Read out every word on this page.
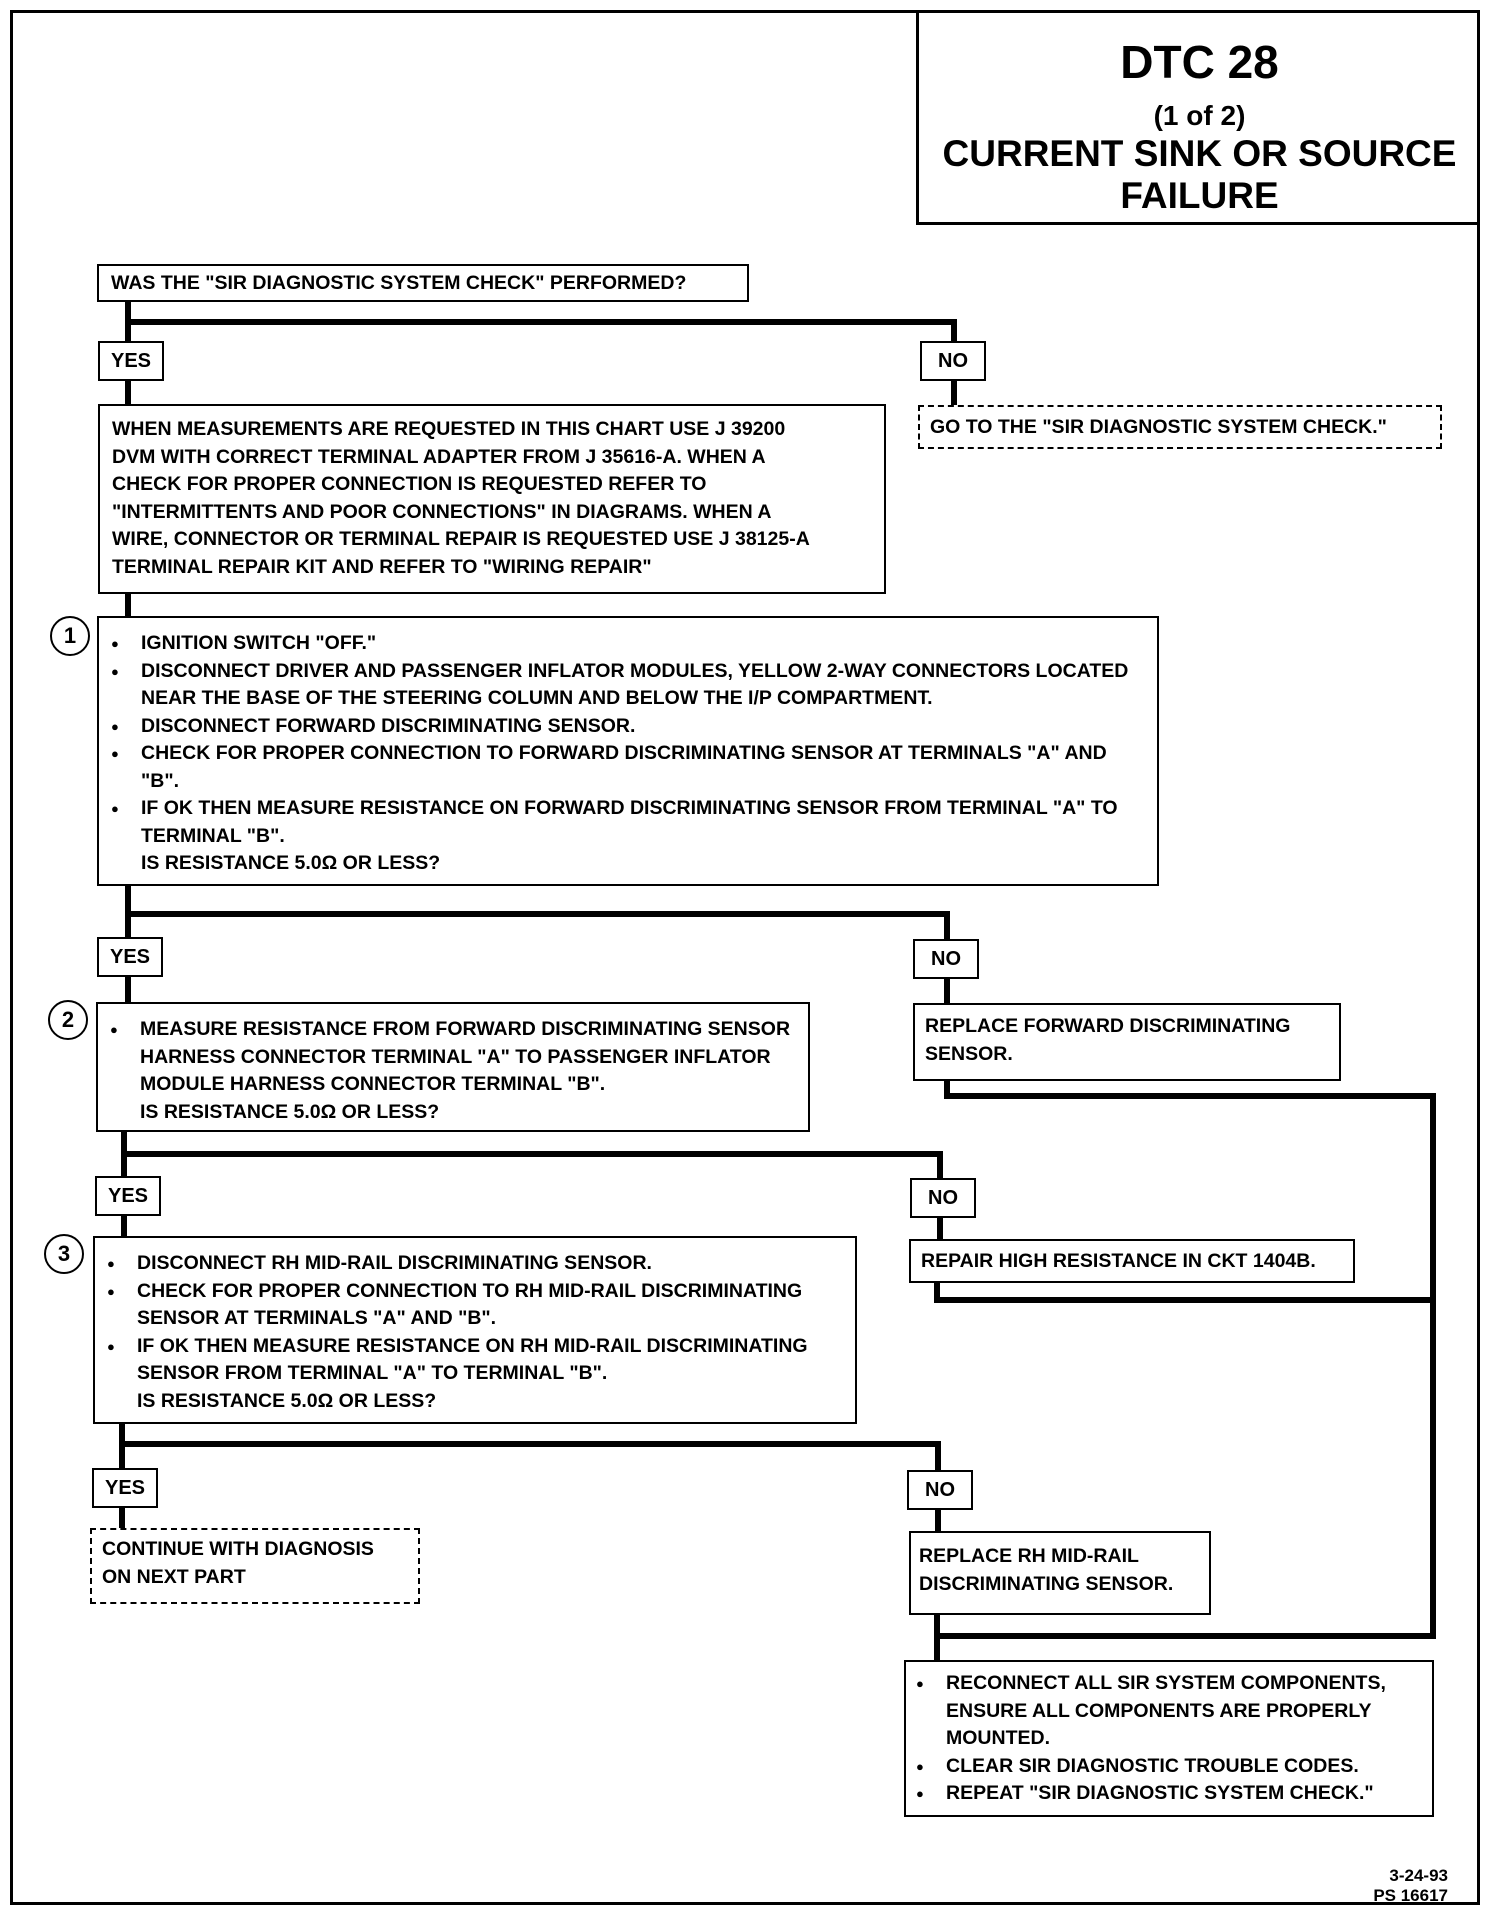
DTC 28
(1 of 2)
CURRENT SINK OR SOURCE
FAILURE
WAS THE "SIR DIAGNOSTIC SYSTEM CHECK" PERFORMED?
YES	NO
GO TO THE "SIR DIAGNOSTIC SYSTEM CHECK."
WHEN MEASUREMENTS ARE REQUESTED IN THIS CHART USE J 39200
DVM WITH CORRECT TERMINAL ADAPTER FROM J 35616-A. WHEN A
CHECK FOR PROPER CONNECTION IS REQUESTED REFER TO
"INTERMITTENTS AND POOR CONNECTIONS" IN DIAGRAMS. WHEN A
WIRE, CONNECTOR OR TERMINAL REPAIR IS REQUESTED USE J 38125-A
TERMINAL REPAIR KIT AND REFER TO "WIRING REPAIR"
1	● IGNITION SWITCH "OFF."
● DISCONNECT DRIVER AND PASSENGER INFLATOR MODULES, YELLOW 2-WAY CONNECTORS LOCATED NEAR THE BASE OF THE STEERING COLUMN AND BELOW THE I/P COMPARTMENT.
● DISCONNECT FORWARD DISCRIMINATING SENSOR.
● CHECK FOR PROPER CONNECTION TO FORWARD DISCRIMINATING SENSOR AT TERMINALS "A" AND "B".
● IF OK THEN MEASURE RESISTANCE ON FORWARD DISCRIMINATING SENSOR FROM TERMINAL "A" TO TERMINAL "B".
IS RESISTANCE 5.0Ω OR LESS?
YES	NO
REPLACE FORWARD DISCRIMINATING SENSOR.
2	● MEASURE RESISTANCE FROM FORWARD DISCRIMINATING SENSOR HARNESS CONNECTOR TERMINAL "A" TO PASSENGER INFLATOR MODULE HARNESS CONNECTOR TERMINAL "B".
IS RESISTANCE 5.0Ω OR LESS?
YES	NO
REPAIR HIGH RESISTANCE IN CKT 1404B.
3	● DISCONNECT RH MID-RAIL DISCRIMINATING SENSOR.
● CHECK FOR PROPER CONNECTION TO RH MID-RAIL DISCRIMINATING SENSOR AT TERMINALS "A" AND "B".
● IF OK THEN MEASURE RESISTANCE ON RH MID-RAIL DISCRIMINATING SENSOR FROM TERMINAL "A" TO TERMINAL "B".
IS RESISTANCE 5.0Ω OR LESS?
YES	NO
CONTINUE WITH DIAGNOSIS ON NEXT PART
REPLACE RH MID-RAIL DISCRIMINATING SENSOR.
● RECONNECT ALL SIR SYSTEM COMPONENTS, ENSURE ALL COMPONENTS ARE PROPERLY MOUNTED.
● CLEAR SIR DIAGNOSTIC TROUBLE CODES.
● REPEAT "SIR DIAGNOSTIC SYSTEM CHECK."
3-24-93
PS 16617
